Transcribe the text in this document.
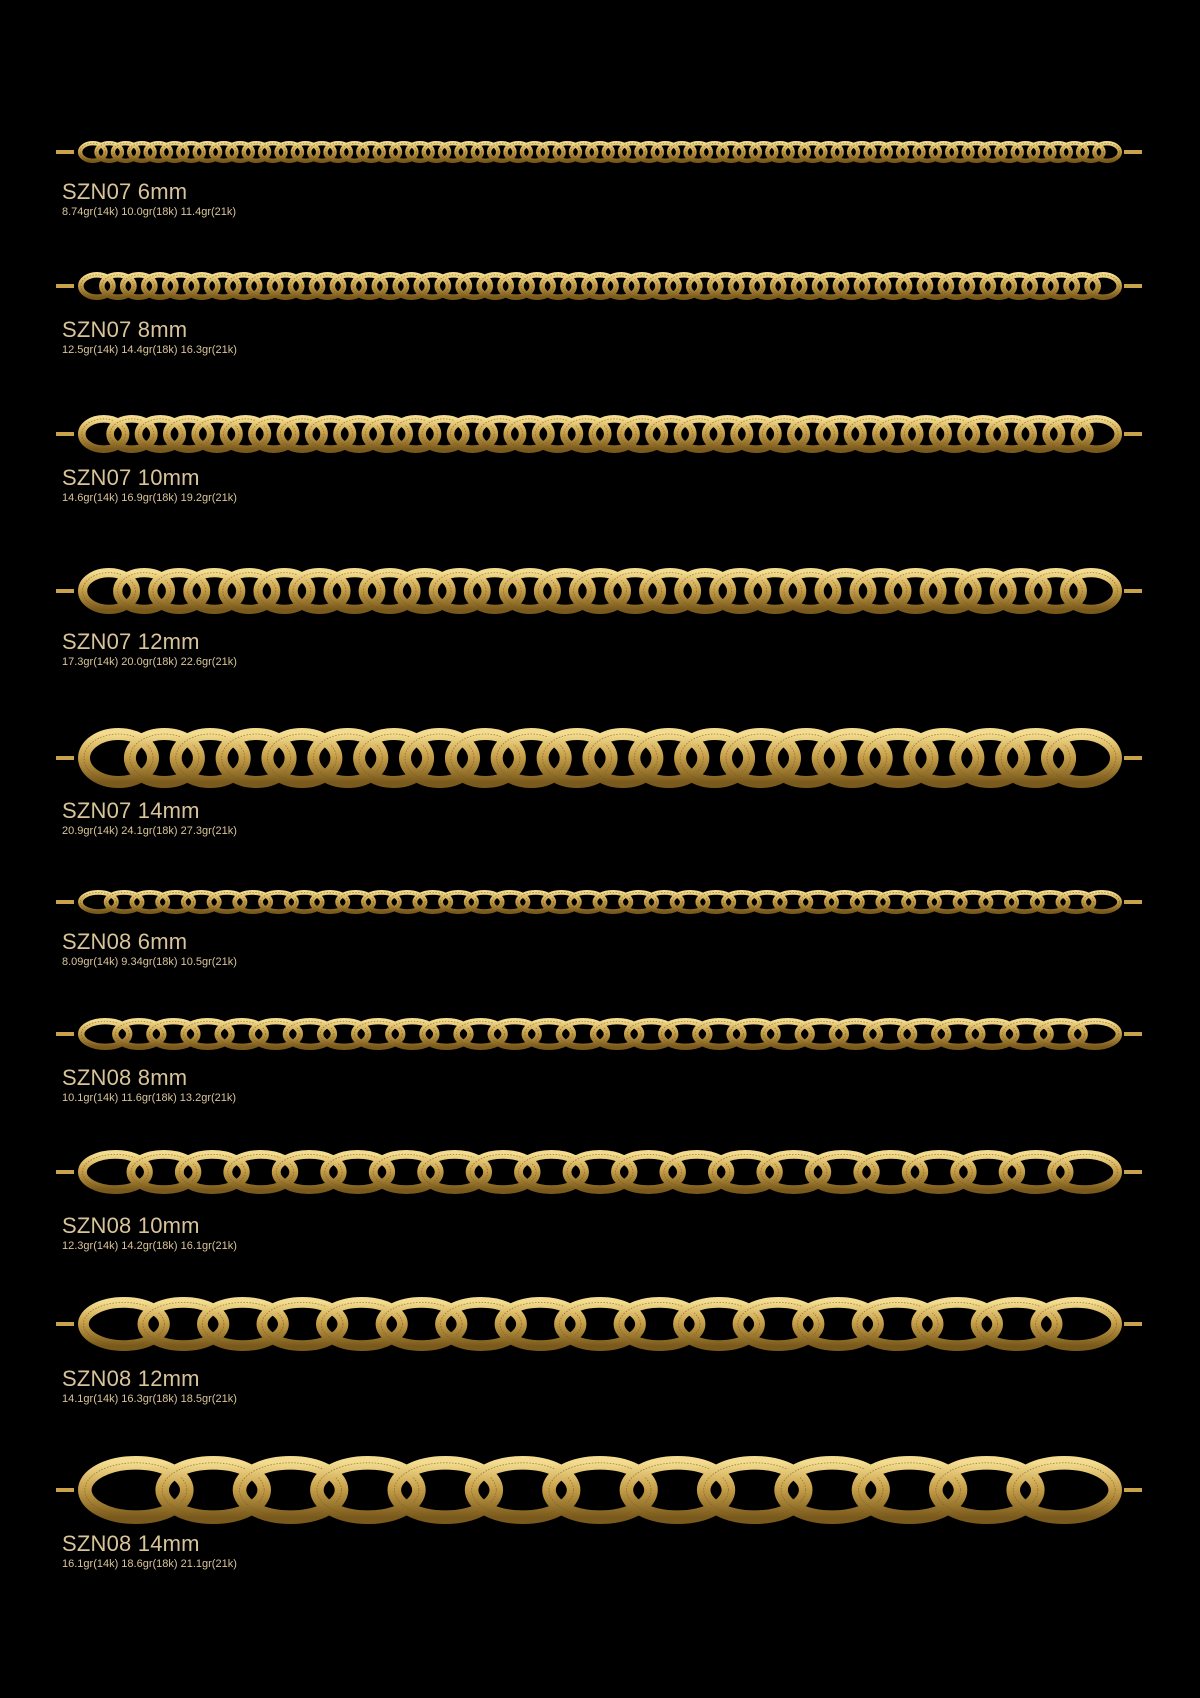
SZN07 6mm
8.74gr(14k) 10.0gr(18k) 11.4gr(21k)
SZN07 8mm
12.5gr(14k) 14.4gr(18k) 16.3gr(21k)
SZN07 10mm
14.6gr(14k) 16.9gr(18k) 19.2gr(21k)
SZN07 12mm
17.3gr(14k) 20.0gr(18k) 22.6gr(21k)
SZN07 14mm
20.9gr(14k) 24.1gr(18k) 27.3gr(21k)
SZN08 6mm
8.09gr(14k) 9.34gr(18k) 10.5gr(21k)
SZN08 8mm
10.1gr(14k) 11.6gr(18k) 13.2gr(21k)
SZN08 10mm
12.3gr(14k) 14.2gr(18k) 16.1gr(21k)
SZN08 12mm
14.1gr(14k) 16.3gr(18k) 18.5gr(21k)
SZN08 14mm
16.1gr(14k) 18.6gr(18k) 21.1gr(21k)
